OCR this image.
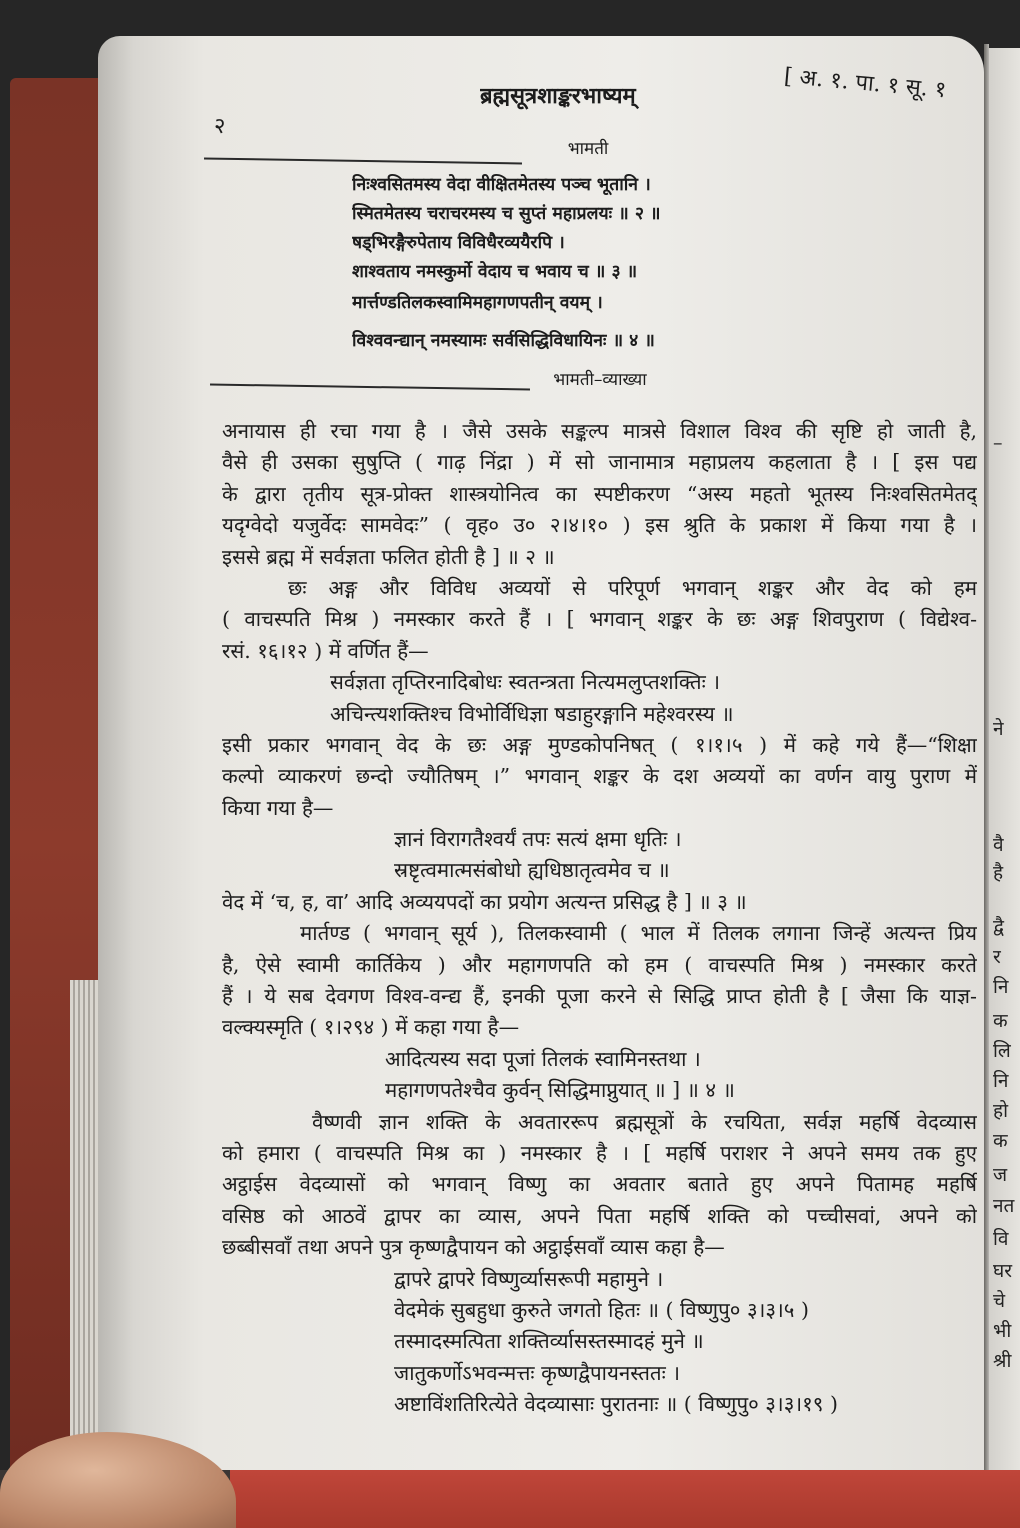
–
ने
वै
है
द्वै
र
नि
क
लि
नि
हो
क
ज
नत
वि
घर
चे
भी
श्री
२
ब्रह्मसूत्रशाङ्करभाष्यम्	[ अ. १. पा. १ सू. १
भामती
निःश्वसितमस्य वेदा वीक्षितमेतस्य पञ्च भूतानि ।
स्मितमेतस्य चराचरमस्य च सुप्तं महाप्रलयः ॥ २ ॥
षड्भिरङ्गैरुपेताय विविधैरव्ययैरपि ।
शाश्वताय नमस्कुर्मो वेदाय च भवाय च ॥ ३ ॥
मार्त्तण्डतिलकस्वामिमहागणपतीन् वयम् ।
विश्ववन्द्यान् नमस्यामः सर्वसिद्धिविधायिनः ॥ ४ ॥
भामती–व्याख्या
अनायास ही रचा गया है । जैसे उसके सङ्कल्प मात्रसे विशाल विश्व की सृष्टि हो जाती है,
वैसे ही उसका सुषुप्ति ( गाढ़ निंद्रा ) में सो जानामात्र महाप्रलय कहलाता है । [ इस पद्य
के द्वारा तृतीय सूत्र-प्रोक्त शास्त्रयोनित्व का स्पष्टीकरण “अस्य महतो भूतस्य निःश्वसितमेतद्
यदृग्वेदो यजुर्वेदः सामवेदः” ( वृह० उ० २।४।१० ) इस श्रुति के प्रकाश में किया गया है ।
इससे ब्रह्म में सर्वज्ञता फलित होती है ] ॥ २ ॥
छः अङ्ग और विविध अव्ययों से परिपूर्ण भगवान् शङ्कर और वेद को हम
( वाचस्पति मिश्र ) नमस्कार करते हैं । [ भगवान् शङ्कर के छः अङ्ग शिवपुराण ( विद्येश्व-
रसं. १६।१२ ) में वर्णित हैं—
सर्वज्ञता तृप्तिरनादिबोधः स्वतन्त्रता नित्यमलुप्तशक्तिः ।
अचिन्त्यशक्तिश्च विभोर्विधिज्ञा षडाहुरङ्गानि महेश्वरस्य ॥
इसी प्रकार भगवान् वेद के छः अङ्ग मुण्डकोपनिषत् ( १।१।५ ) में कहे गये हैं—“शिक्षा
कल्पो व्याकरणं छन्दो ज्यौतिषम् ।” भगवान् शङ्कर के दश अव्ययों का वर्णन वायु पुराण में
किया गया है—
ज्ञानं विरागतैश्वर्यं तपः सत्यं क्षमा धृतिः ।
स्रष्टृत्वमात्मसंबोधो ह्यधिष्ठातृत्वमेव च ॥
वेद में ‘च, ह, वा’ आदि अव्ययपदों का प्रयोग अत्यन्त प्रसिद्ध है ] ॥ ३ ॥
मार्तण्ड ( भगवान् सूर्य ), तिलकस्वामी ( भाल में तिलक लगाना जिन्हें अत्यन्त प्रिय
है, ऐसे स्वामी कार्तिकेय ) और महागणपति को हम ( वाचस्पति मिश्र ) नमस्कार करते
हैं । ये सब देवगण विश्व-वन्द्य हैं, इनकी पूजा करने से सिद्धि प्राप्त होती है [ जैसा कि याज्ञ-
वल्क्यस्मृति ( १।२९४ ) में कहा गया है—
आदित्यस्य सदा पूजां तिलकं स्वामिनस्तथा ।
महागणपतेश्चैव कुर्वन् सिद्धिमाप्नुयात् ॥ ] ॥ ४ ॥
वैष्णवी ज्ञान शक्ति के अवताररूप ब्रह्मसूत्रों के रचयिता, सर्वज्ञ महर्षि वेदव्यास
को हमारा ( वाचस्पति मिश्र का ) नमस्कार है । [ महर्षि पराशर ने अपने समय तक हुए
अट्ठाईस वेदव्यासों को भगवान् विष्णु का अवतार बताते हुए अपने पितामह महर्षि
वसिष्ठ को आठवें द्वापर का व्यास, अपने पिता महर्षि शक्ति को पच्चीसवां, अपने को
छब्बीसवाँ तथा अपने पुत्र कृष्णद्वैपायन को अट्ठाईसवाँ व्यास कहा है—
द्वापरे द्वापरे विष्णुर्व्यासरूपी महामुने ।
वेदमेकं सुबहुधा कुरुते जगतो हितः ॥ ( विष्णुपु० ३।३।५ )
तस्मादस्मत्पिता शक्तिर्व्यासस्तस्मादहं मुने ॥
जातुकर्णोऽभवन्मत्तः कृष्णद्वैपायनस्ततः ।
अष्टाविंशतिरित्येते वेदव्यासाः पुरातनाः ॥ ( विष्णुपु० ३।३।१९ )
